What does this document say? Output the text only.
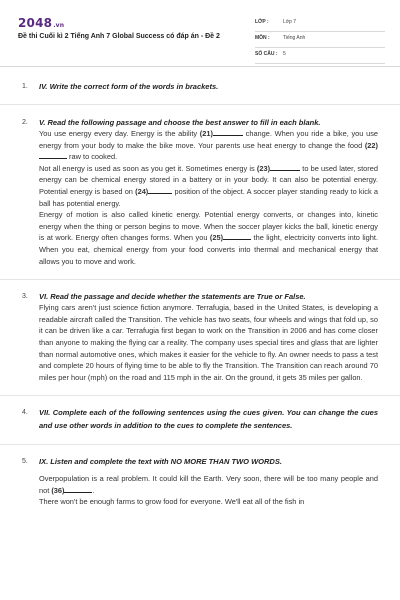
2048.vn
Đề thi Cuối kì 2 Tiếng Anh 7 Global Success có đáp án - Đề 2
LỚP :	Lớp 7
MÔN :	Tiếng Anh
SỐ CÂU : 5
1. IV. Write the correct form of the words in brackets.
2. V. Read the following passage and choose the best answer to fill in each blank.

You use energy every day. Energy is the ability (21)	change. When you ride a bike, you use energy from your body to make the bike move. Your parents use heat energy to change the food (22) raw to cooked.

Not all energy is used as soon as you get it. Sometimes energy is (23)	to be used later, stored energy can be chemical energy stored in a battery or in your body. It can also be potential energy. Potential energy is based on (24)	position of the object. A soccer player standing ready to kick a ball has potential energy.

Energy of motion is also called kinetic energy. Potential energy converts, or changes into, kinetic energy when the thing or person begins to move. When the soccer player kicks the ball, kinetic energy is at work. Energy often changes forms. When you (25)	the light, electricity converts into light. When you eat, chemical energy from your food converts into thermal and mechanical energy that allows you to move and work.

3. VI. Read the passage and decide whether the statements are True or False.

Flying cars aren't just science fiction anymore. Terrafugia, based in the United States, is developing a readable aircraft called the Transition. The vehicle has two seats, four wheels and wings that fold up, so it can be driven like a car. Terrafugia first began to work on the Transition in 2006 and has come closer than anyone to making the flying car a reality. The company uses special tires and glass that are lighter than normal automotive ones, which makes it easier for the vehicle to fly. An owner needs to pass a test and complete 20 hours of flying time to be able to fly the Transition. The Transition can reach around 70 miles per hour (mph) on the road and 115 mph in the air. On the ground, it gets 35 miles per gallon.

4. VII. Complete each of the following sentences using the cues given. You can change the cues and use other words in addition to the cues to complete the sentences.
5. IX. Listen and complete the text with NO MORE THAN TWO WORDS.

Overpopulation is a real problem. It could kill the Earth. Very soon, there will be too many people and not (36)	.

There won't be enough farms to grow food for everyone. We'll eat all of the fish in
